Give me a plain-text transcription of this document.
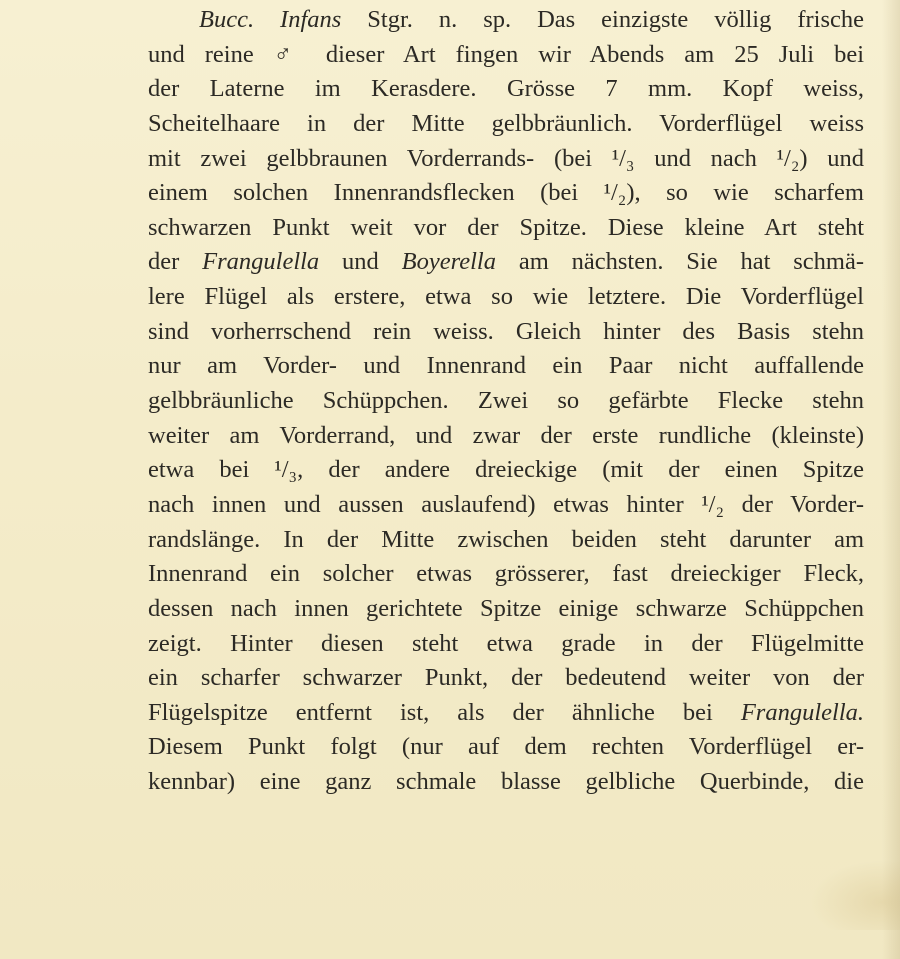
Bucc. Infans Stgr. n. sp. Das einzigste völlig frische
und reine ♂ dieser Art fingen wir Abends am 25 Juli bei
der Laterne im Kerasdere. Grösse 7 mm. Kopf weiss,
Scheitelhaare in der Mitte gelbbräunlich. Vorderflügel weiss
mit zwei gelbbraunen Vorderrands- (bei ¹/₃ und nach ¹/₂) und
einem solchen Innenrandsflecken (bei ¹/₂), so wie scharfem
schwarzen Punkt weit vor der Spitze. Diese kleine Art steht
der Frangulella und Boyerella am nächsten. Sie hat schmä-
lere Flügel als erstere, etwa so wie letztere. Die Vorderflügel
sind vorherrschend rein weiss. Gleich hinter des Basis stehn
nur am Vorder- und Innenrand ein Paar nicht auffallende
gelbbräunliche Schüppchen. Zwei so gefärbte Flecke stehn
weiter am Vorderrand, und zwar der erste rundliche (kleinste)
etwa bei ¹/₃, der andere dreieckige (mit der einen Spitze
nach innen und aussen auslaufend) etwas hinter ¹/₂ der Vorder-
randslänge. In der Mitte zwischen beiden steht darunter am
Innenrand ein solcher etwas grösserer, fast dreieckiger Fleck,
dessen nach innen gerichtete Spitze einige schwarze Schüppchen
zeigt. Hinter diesen steht etwa grade in der Flügelmitte
ein scharfer schwarzer Punkt, der bedeutend weiter von der
Flügelspitze entfernt ist, als der ähnliche bei Frangulella.
Diesem Punkt folgt (nur auf dem rechten Vorderflügel er-
kennbar) eine ganz schmale blasse gelbliche Querbinde, die
